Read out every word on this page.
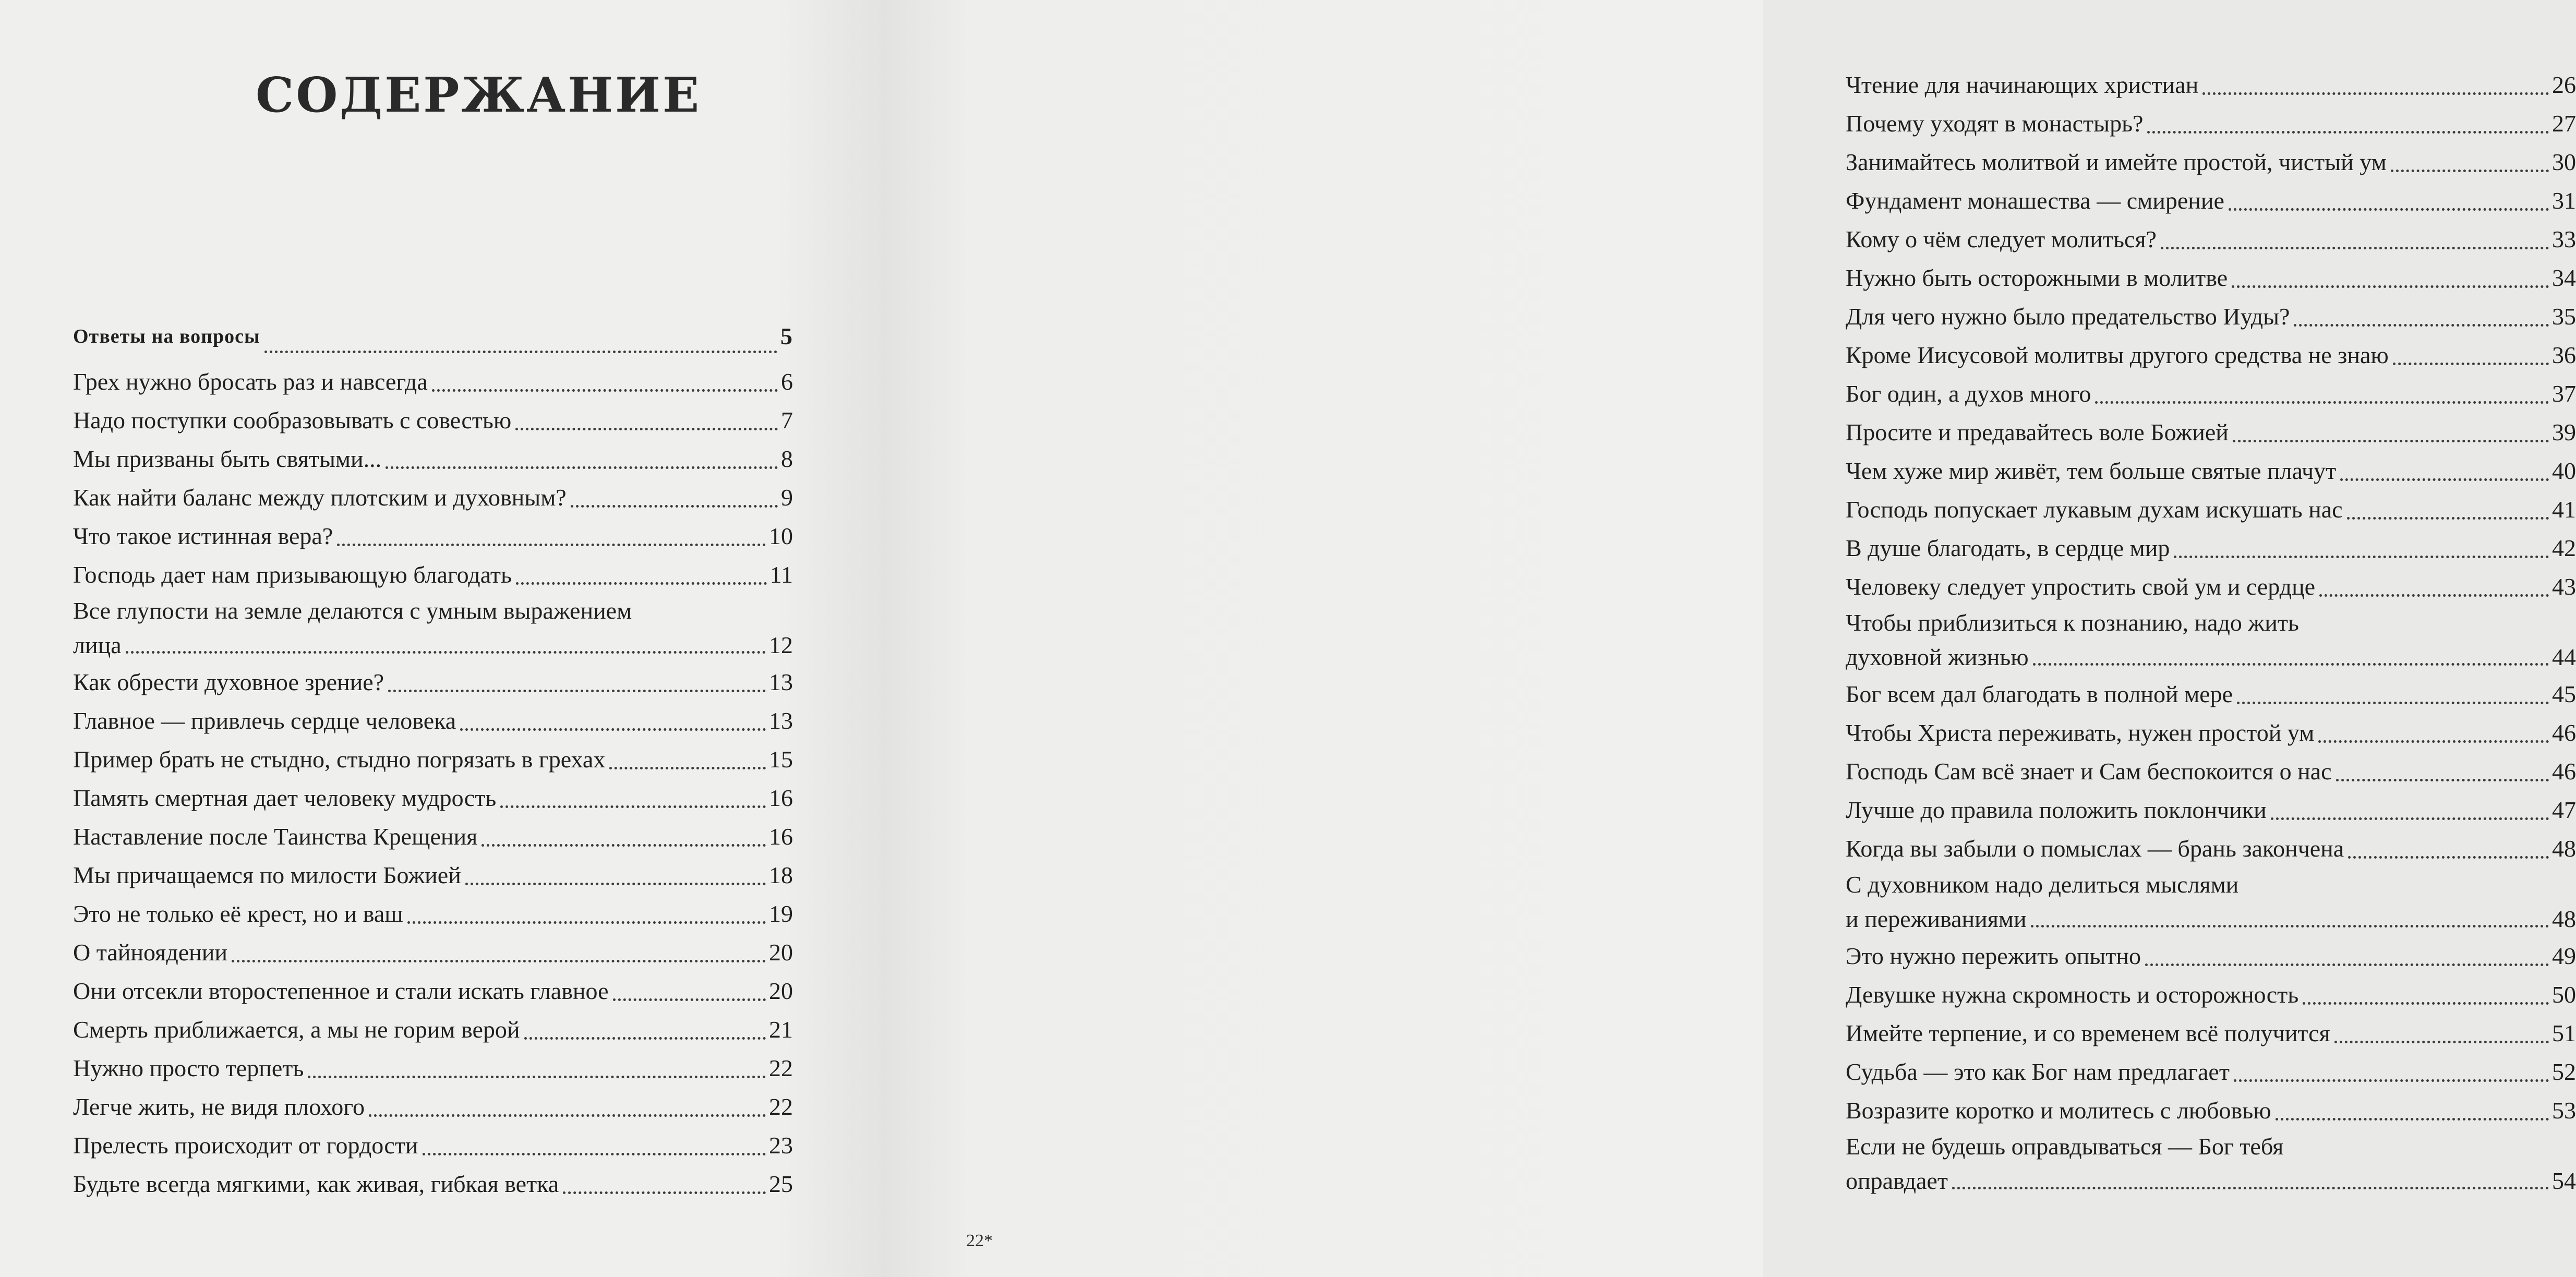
СОДЕРЖАНИЕ
Ответы на вопросы	5
Грех нужно бросать раз и навсегда	6
Надо поступки сообразовывать с совестью	7
Мы призваны быть святыми...	8
Как найти баланс между плотским и духовным?	9
Что такое истинная вера?	10
Господь дает нам призывающую благодать	11
Все глупости на земле делаются с умным выражением
лица	12
Как обрести духовное зрение?	13
Главное — привлечь сердце человека	13
Пример брать не стыдно, стыдно погрязать в грехах	15
Память смертная дает человеку мудрость	16
Наставление после Таинства Крещения	16
Мы причащаемся по милости Божией	18
Это не только её крест, но и ваш	19
О тайноядении	20
Они отсекли второстепенное и стали искать главное	20
Смерть приближается, а мы не горим верой	21
Нужно просто терпеть	22
Легче жить, не видя плохого	22
Прелесть происходит от гордости	23
Будьте всегда мягкими, как живая, гибкая ветка	25
Чтение для начинающих христиан	26
Почему уходят в монастырь?	27
Занимайтесь молитвой и имейте простой, чистый ум	30
Фундамент монашества — смирение	31
Кому о чём следует молиться?	33
Нужно быть осторожными в молитве	34
Для чего нужно было предательство Иуды?	35
Кроме Иисусовой молитвы другого средства не знаю	36
Бог один, а духов много	37
Просите и предавайтесь воле Божией	39
Чем хуже мир живёт, тем больше святые плачут	40
Господь попускает лукавым духам искушать нас	41
В душе благодать, в сердце мир	42
Человеку следует упростить свой ум и сердце	43
Чтобы приблизиться к познанию, надо жить
духовной жизнью	44
Бог всем дал благодать в полной мере	45
Чтобы Христа переживать, нужен простой ум	46
Господь Сам всё знает и Сам беспокоится о нас	46
Лучше до правила положить поклончики	47
Когда вы забыли о помыслах — брань закончена	48
С духовником надо делиться мыслями
и переживаниями	48
Это нужно пережить опытно	49
Девушке нужна скромность и осторожность	50
Имейте терпение, и со временем всё получится	51
Судьба — это как Бог нам предлагает	52
Возразите коротко и молитесь с любовью	53
Если не будешь оправдываться — Бог тебя
оправдает	54
22*
